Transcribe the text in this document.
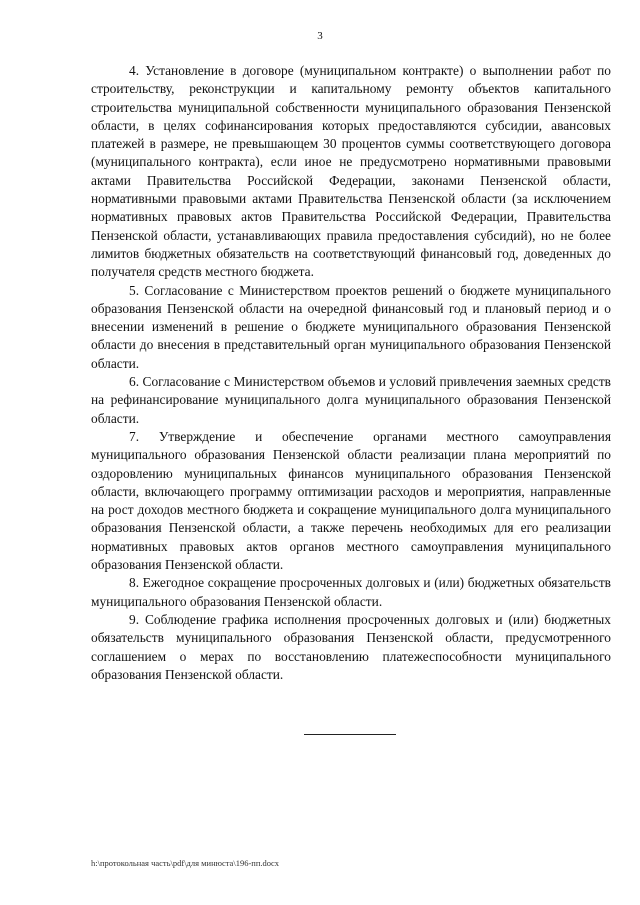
3

4. Установление в договоре (муниципальном контракте) о выполнении работ по строительству, реконструкции и капитальному ремонту объектов капитального строительства муниципальной собственности муниципального образования Пензенской области, в целях софинансирования которых предоставляются субсидии, авансовых платежей в размере, не превышающем 30 процентов суммы соответствующего договора (муниципального контракта), если иное не предусмотрено нормативными правовыми актами Правительства Российской Федерации, законами Пензенской области, нормативными правовыми актами Правительства Пензенской области (за исключением нормативных правовых актов Правительства Российской Федерации, Правительства Пензенской области, устанавливающих правила предоставления субсидий), но не более лимитов бюджетных обязательств на соответствующий финансовый год, доведенных до получателя средств местного бюджета.

5. Согласование с Министерством проектов решений о бюджете муниципального образования Пензенской области на очередной финансовый год и плановый период и о внесении изменений в решение о бюджете муниципального образования Пензенской области до внесения в представительный орган муниципального образования Пензенской области.

6. Согласование с Министерством объемов и условий привлечения заемных средств на рефинансирование муниципального долга муниципального образования Пензенской области.

7. Утверждение и обеспечение органами местного самоуправления муниципального образования Пензенской области реализации плана мероприятий по оздоровлению муниципальных финансов муниципального образования Пензенской области, включающего программу оптимизации расходов и мероприятия, направленные на рост доходов местного бюджета и сокращение муниципального долга муниципального образования Пензенской области, а также перечень необходимых для его реализации нормативных правовых актов органов местного самоуправления муниципального образования Пензенской области.

8. Ежегодное сокращение просроченных долговых и (или) бюджетных обязательств муниципального образования Пензенской области.

9. Соблюдение графика исполнения просроченных долговых и (или) бюджетных обязательств муниципального образования Пензенской области, предусмотренного соглашением о мерах по восстановлению платежеспособности муниципального образования Пензенской области.

h:\протокольная часть\pdf\для минюста\196-пп.docx
